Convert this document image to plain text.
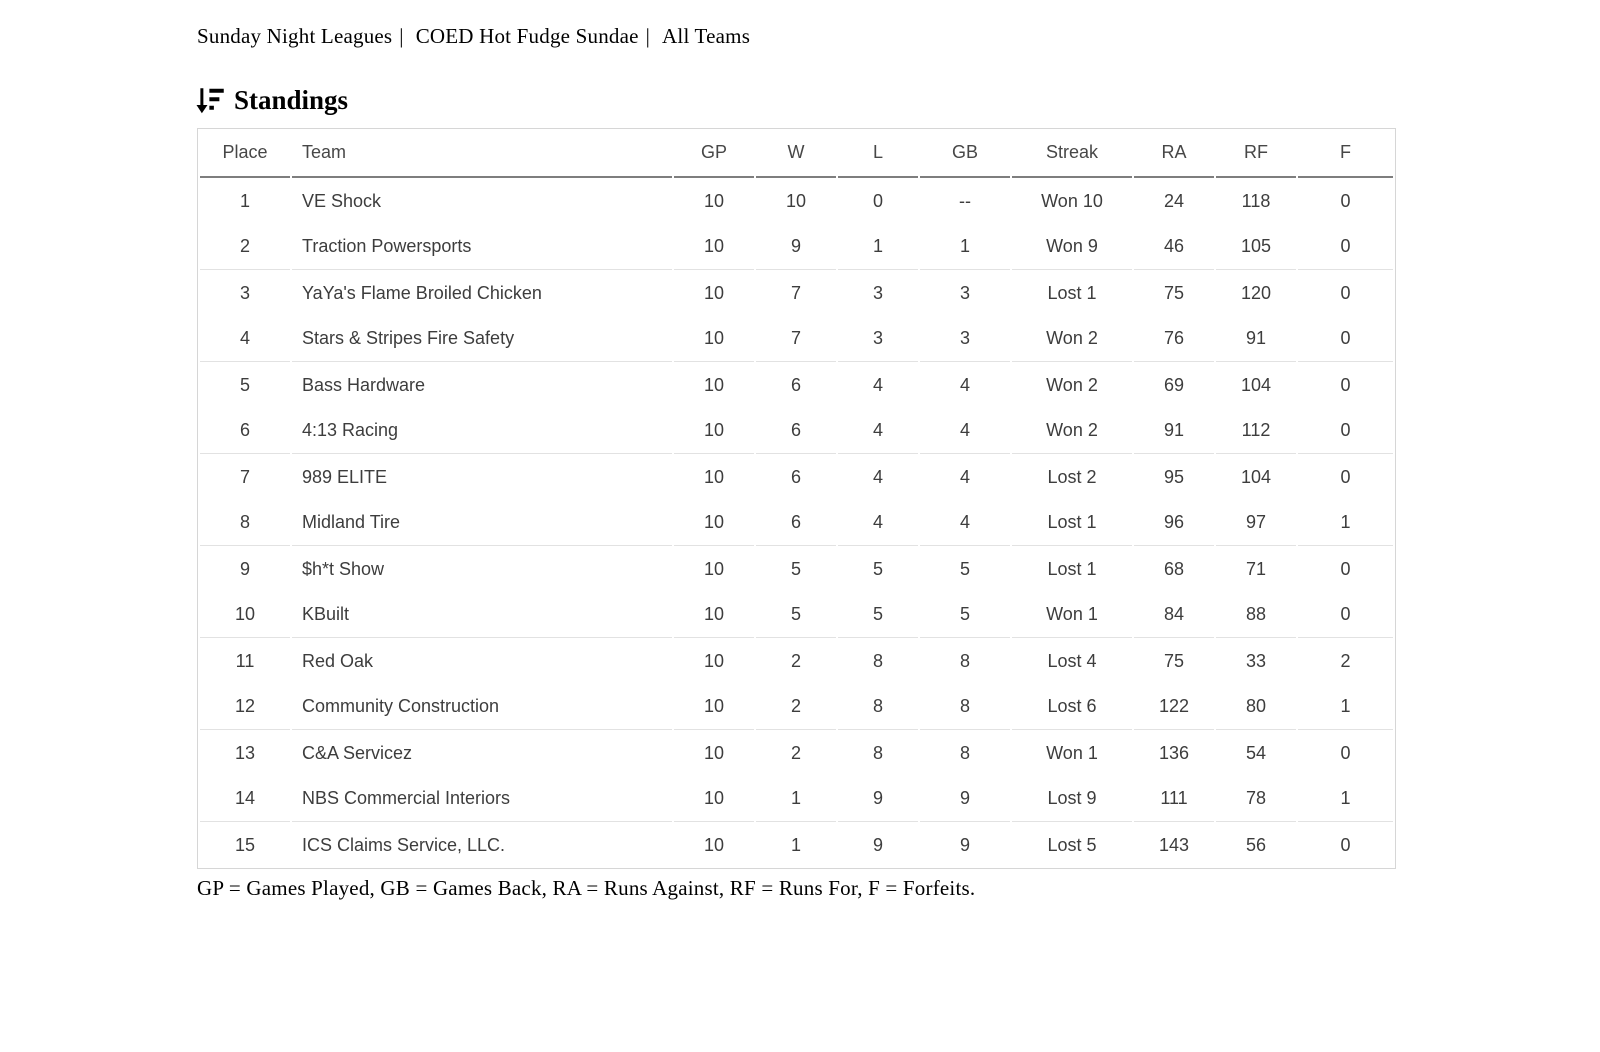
Sunday Night Leagues | COED Hot Fudge Sundae | All Teams
Standings
Place	Team	GP	W	L	GB	Streak	RA	RF	F
1	VE Shock	10	10	0	--	Won 10	24	118	0
2	Traction Powersports	10	9	1	1	Won 9	46	105	0
3	YaYa's Flame Broiled Chicken	10	7	3	3	Lost 1	75	120	0
4	Stars & Stripes Fire Safety	10	7	3	3	Won 2	76	91	0
5	Bass Hardware	10	6	4	4	Won 2	69	104	0
6	4:13 Racing	10	6	4	4	Won 2	91	112	0
7	989 ELITE	10	6	4	4	Lost 2	95	104	0
8	Midland Tire	10	6	4	4	Lost 1	96	97	1
9	$h*t Show	10	5	5	5	Lost 1	68	71	0
10	KBuilt	10	5	5	5	Won 1	84	88	0
11	Red Oak	10	2	8	8	Lost 4	75	33	2
12	Community Construction	10	2	8	8	Lost 6	122	80	1
13	C&A Servicez	10	2	8	8	Won 1	136	54	0
14	NBS Commercial Interiors	10	1	9	9	Lost 9	111	78	1
15	ICS Claims Service, LLC.	10	1	9	9	Lost 5	143	56	0
GP = Games Played, GB = Games Back, RA = Runs Against, RF = Runs For, F = Forfeits.
